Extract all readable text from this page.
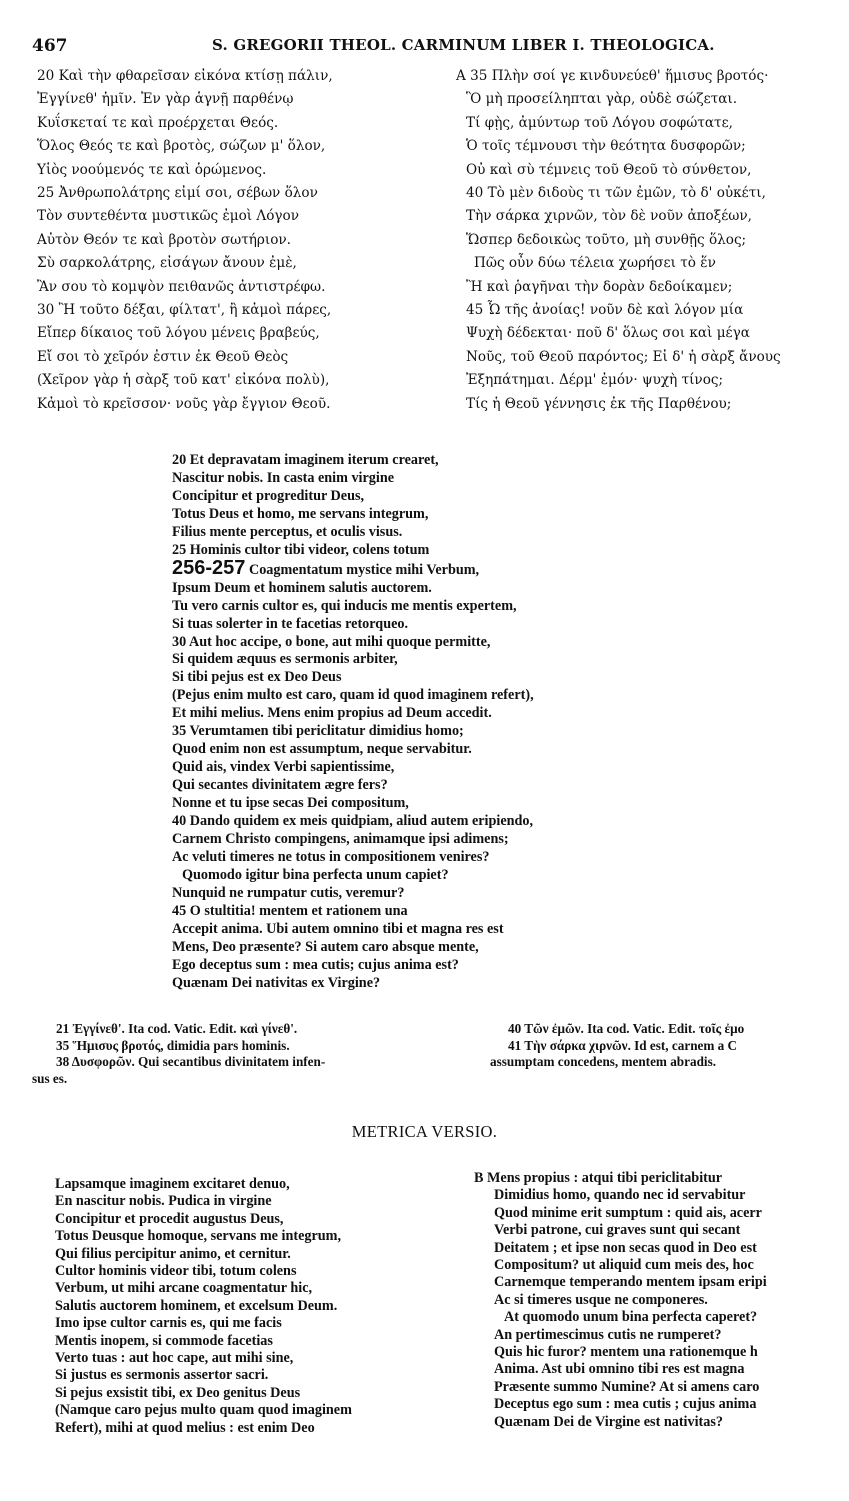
467	S. GREGORII THEOL. CARMINUM LIBER I. THEOLOGICA.
20 Καὶ τὴν φθαρεῖσαν εἰκόνα κτίσῃ πάλιν,
Ἐγγίνεθ' ἡμῖν. Ἐν γὰρ ἁγνῇ παρθένῳ
Κυΐσκεταί τε καὶ προέρχεται Θεός.
Ὅλος Θεός τε καὶ βροτὸς, σώζων μ' ὅλον,
Υἱὸς νοούμενός τε καὶ ὁρώμενος.
25 Ἀνθρωπολάτρης εἰμί σοι, σέβων ὅλον
Τὸν συντεθέντα μυστικῶς ἐμοὶ Λόγον
Αὐτὸν Θεόν τε καὶ βροτὸν σωτήριον.
Σὺ σαρκολάτρης, εἰσάγων ἄνουν ἐμὲ,
Ἂν σου τὸ κομψὸν πειθανῶς ἀντιστρέφω.
30 Ἢ τοῦτο δέξαι, φίλτατ', ἢ κἀμοὶ πάρες,
Εἴπερ δίκαιος τοῦ λόγου μένεις βραβεύς,
Εἴ σοι τὸ χεῖρόν ἐστιν ἐκ Θεοῦ Θεὸς
(Χεῖρον γὰρ ἡ σὰρξ τοῦ κατ' εἰκόνα πολὺ),
Κἀμοὶ τὸ κρεῖσσον· νοῦς γὰρ ἔγγιον Θεοῦ.
A 35 Πλὴν σοί γε κινδυνεύεθ' ἥμισυς βροτός·
Ὃ μὴ προσείληπται γὰρ, οὐδὲ σώζεται.
Τί φῂς, ἀμύντωρ τοῦ Λόγου σοφώτατε,
Ὁ τοῖς τέμνουσι τὴν θεότητα δυσφορῶν;
Οὐ καὶ σὺ τέμνεις τοῦ Θεοῦ τὸ σύνθετον,
40 Τὸ μὲν διδοὺς τι τῶν ἐμῶν, τὸ δ' οὐκέτι,
Τὴν σάρκα χιρνῶν, τὸν δὲ νοῦν ἀποξέων,
Ὥσπερ δεδοικὼς τοῦτο, μὴ συνθῇς ὅλος;
Πῶς οὖν δύω τέλεια χωρήσει τὸ ἕν
Ἢ καὶ ῥαγῆναι τὴν δορὰν δεδοίκαμεν;
45 Ὦ τῆς ἀνοίας! νοῦν δὲ καὶ λόγον μία
Ψυχὴ δέδεκται· ποῦ δ' ὅλως σοι καὶ μέγα
Νοῦς, τοῦ Θεοῦ παρόντος; Εἰ δ' ἡ σὰρξ ἄνους
Ἐξηπάτημαι. Δέρμ' ἐμόν· ψυχὴ τίνος;
Τίς ἡ Θεοῦ γέννησις ἐκ τῆς Παρθένου;
20 Et depravatam imaginem iterum crearet,
Nascitur nobis. In casta enim virgine
Concipitur et progreditur Deus,
Totus Deus et homo, me servans integrum,
Filius mente perceptus, et oculis visus.
25 Hominis cultor tibi videor, colens totum
256-257 Coagmentatum mystice mihi Verbum,
Ipsum Deum et hominem salutis auctorem.
Tu vero carnis cultor es, qui inducis me mentis expertem,
Si tuas solerter in te facetias retorqueo.
30 Aut hoc accipe, o bone, aut mihi quoque permitte,
Si quidem æquus es sermonis arbiter,
Si tibi pejus est ex Deo Deus
(Pejus enim multo est caro, quam id quod imaginem refert),
Et mihi melius. Mens enim propius ad Deum accedit.
35 Verumtamen tibi periclitatur dimidius homo;
Quod enim non est assumptum, neque servabitur.
Quid ais, vindex Verbi sapientissime,
Qui secantes divinitatem ægre fers?
Nonne et tu ipse secas Dei compositum,
40 Dando quidem ex meis quidpiam, aliud autem eripiendo,
Carnem Christo compingens, animamque ipsi adimens;
Ac veluti timeres ne totus in compositionem venires?
Quomodo igitur bina perfecta unum capiet?
Nunquid ne rumpatur cutis, veremur?
45 O stultitia! mentem et rationem una
Accepit anima. Ubi autem omnino tibi et magna res est
Mens, Deo præsente? Si autem caro absque mente,
Ego deceptus sum : mea cutis; cujus anima est?
Quænam Dei nativitas ex Virgine?
21 Ἐγγίνεθ'. Ita cod. Vatic. Edit. καὶ γίνεθ'.
35 Ἥμισυς βροτός, dimidia pars hominis.
38 Δυσφορῶν. Qui secantibus divinitatem infen-
sus es.
40 Τῶν ἐμῶν. Ita cod. Vatic. Edit. τοῖς ἐμο
41 Τὴν σάρκα χιρνῶν. Id est, carnem a C
assumptam concedens, mentem abradis.
METRICA VERSIO.
Lapsamque imaginem excitaret denuo,
En nascitur nobis. Pudica in virgine
Concipitur et procedit augustus Deus,
Totus Deusque homoque, servans me integrum,
Qui filius percipitur animo, et cernitur.
Cultor hominis videor tibi, totum colens
Verbum, ut mihi arcane coagmentatur hic,
Salutis auctorem hominem, et excelsum Deum.
Imo ipse cultor carnis es, qui me facis
Mentis inopem, si commode facetias
Verto tuas : aut hoc cape, aut mihi sine,
Si justus es sermonis assertor sacri.
Si pejus exsistit tibi, ex Deo genitus Deus
(Namque caro pejus multo quam quod imaginem
Refert), mihi at quod melius : est enim Deo
B Mens propius : atqui tibi periclitabitur
Dimidius homo, quando nec id servabitur
Quod minime erit sumptum : quid ais, acerr
Verbi patrone, cui graves sunt qui secant
Deitatem ; et ipse non secas quod in Deo est
Compositum? ut aliquid cum meis des, hoc
Carnemque temperando mentem ipsam eripi
Ac si timeres usque ne componeres.
At quomodo unum bina perfecta caperet?
An pertimescimus cutis ne rumperet?
Quis hic furor? mentem una rationemque h
Anima. Ast ubi omnino tibi res est magna
Præsente summo Numine? At si amens caro
Deceptus ego sum : mea cutis ; cujus anima
Quænam Dei de Virgine est nativitas?
